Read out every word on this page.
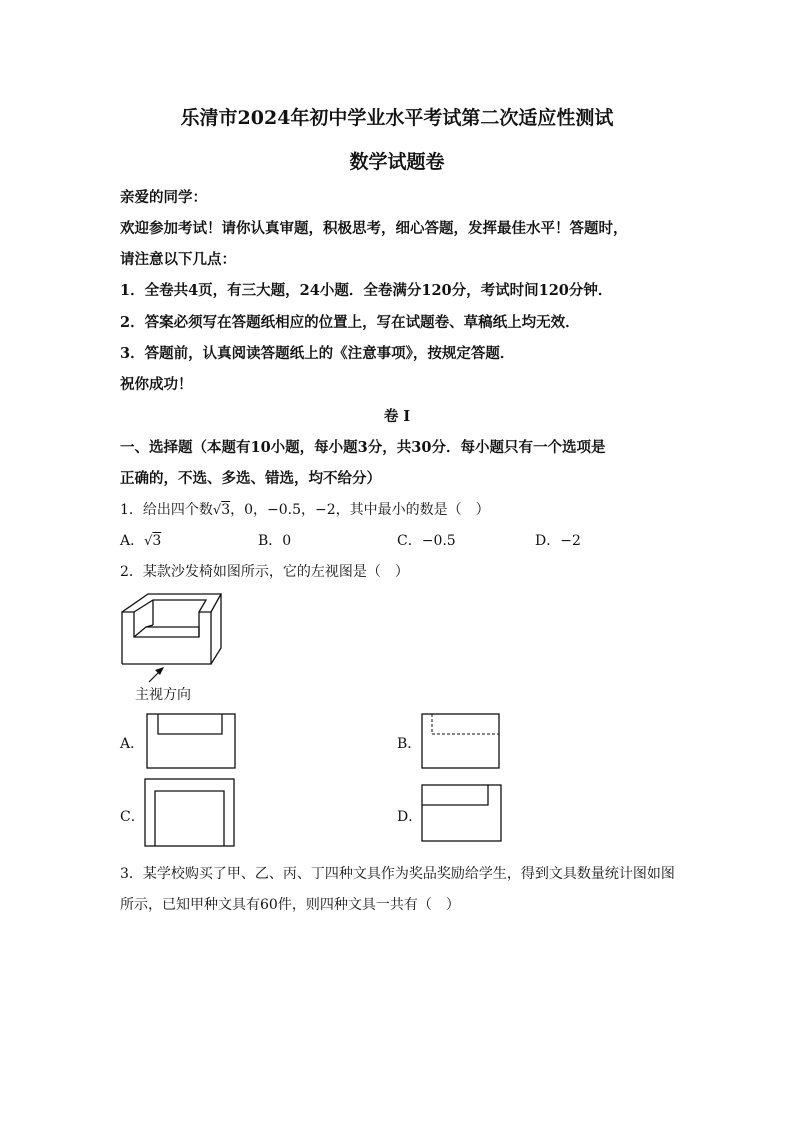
乐清市2024年初中学业水平考试第二次适应性测试
数学试题卷
亲爱的同学：
欢迎参加考试！请你认真审题，积极思考，细心答题，发挥最佳水平！答题时，
请注意以下几点：
1．全卷共4页，有三大题，24小题．全卷满分120分，考试时间120分钟．
2．答案必须写在答题纸相应的位置上，写在试题卷、草稿纸上均无效．
3．答题前，认真阅读答题纸上的《注意事项》，按规定答题．
祝你成功！
卷 I
一、选择题（本题有10小题，每小题3分，共30分．每小题只有一个选项是
正确的，不选、多选、错选，均不给分）
1．给出四个数√3，0，−0.5，−2，其中最小的数是（　）
A．√3	B．0	C．−0.5	D．−2
2．某款沙发椅如图所示，它的左视图是（　）
主视方向
A．	B．
C．	D．
3．某学校购买了甲、乙、丙、丁四种文具作为奖品奖励给学生，得到文具数量统计图如图
所示，已知甲种文具有60件，则四种文具一共有（　）
